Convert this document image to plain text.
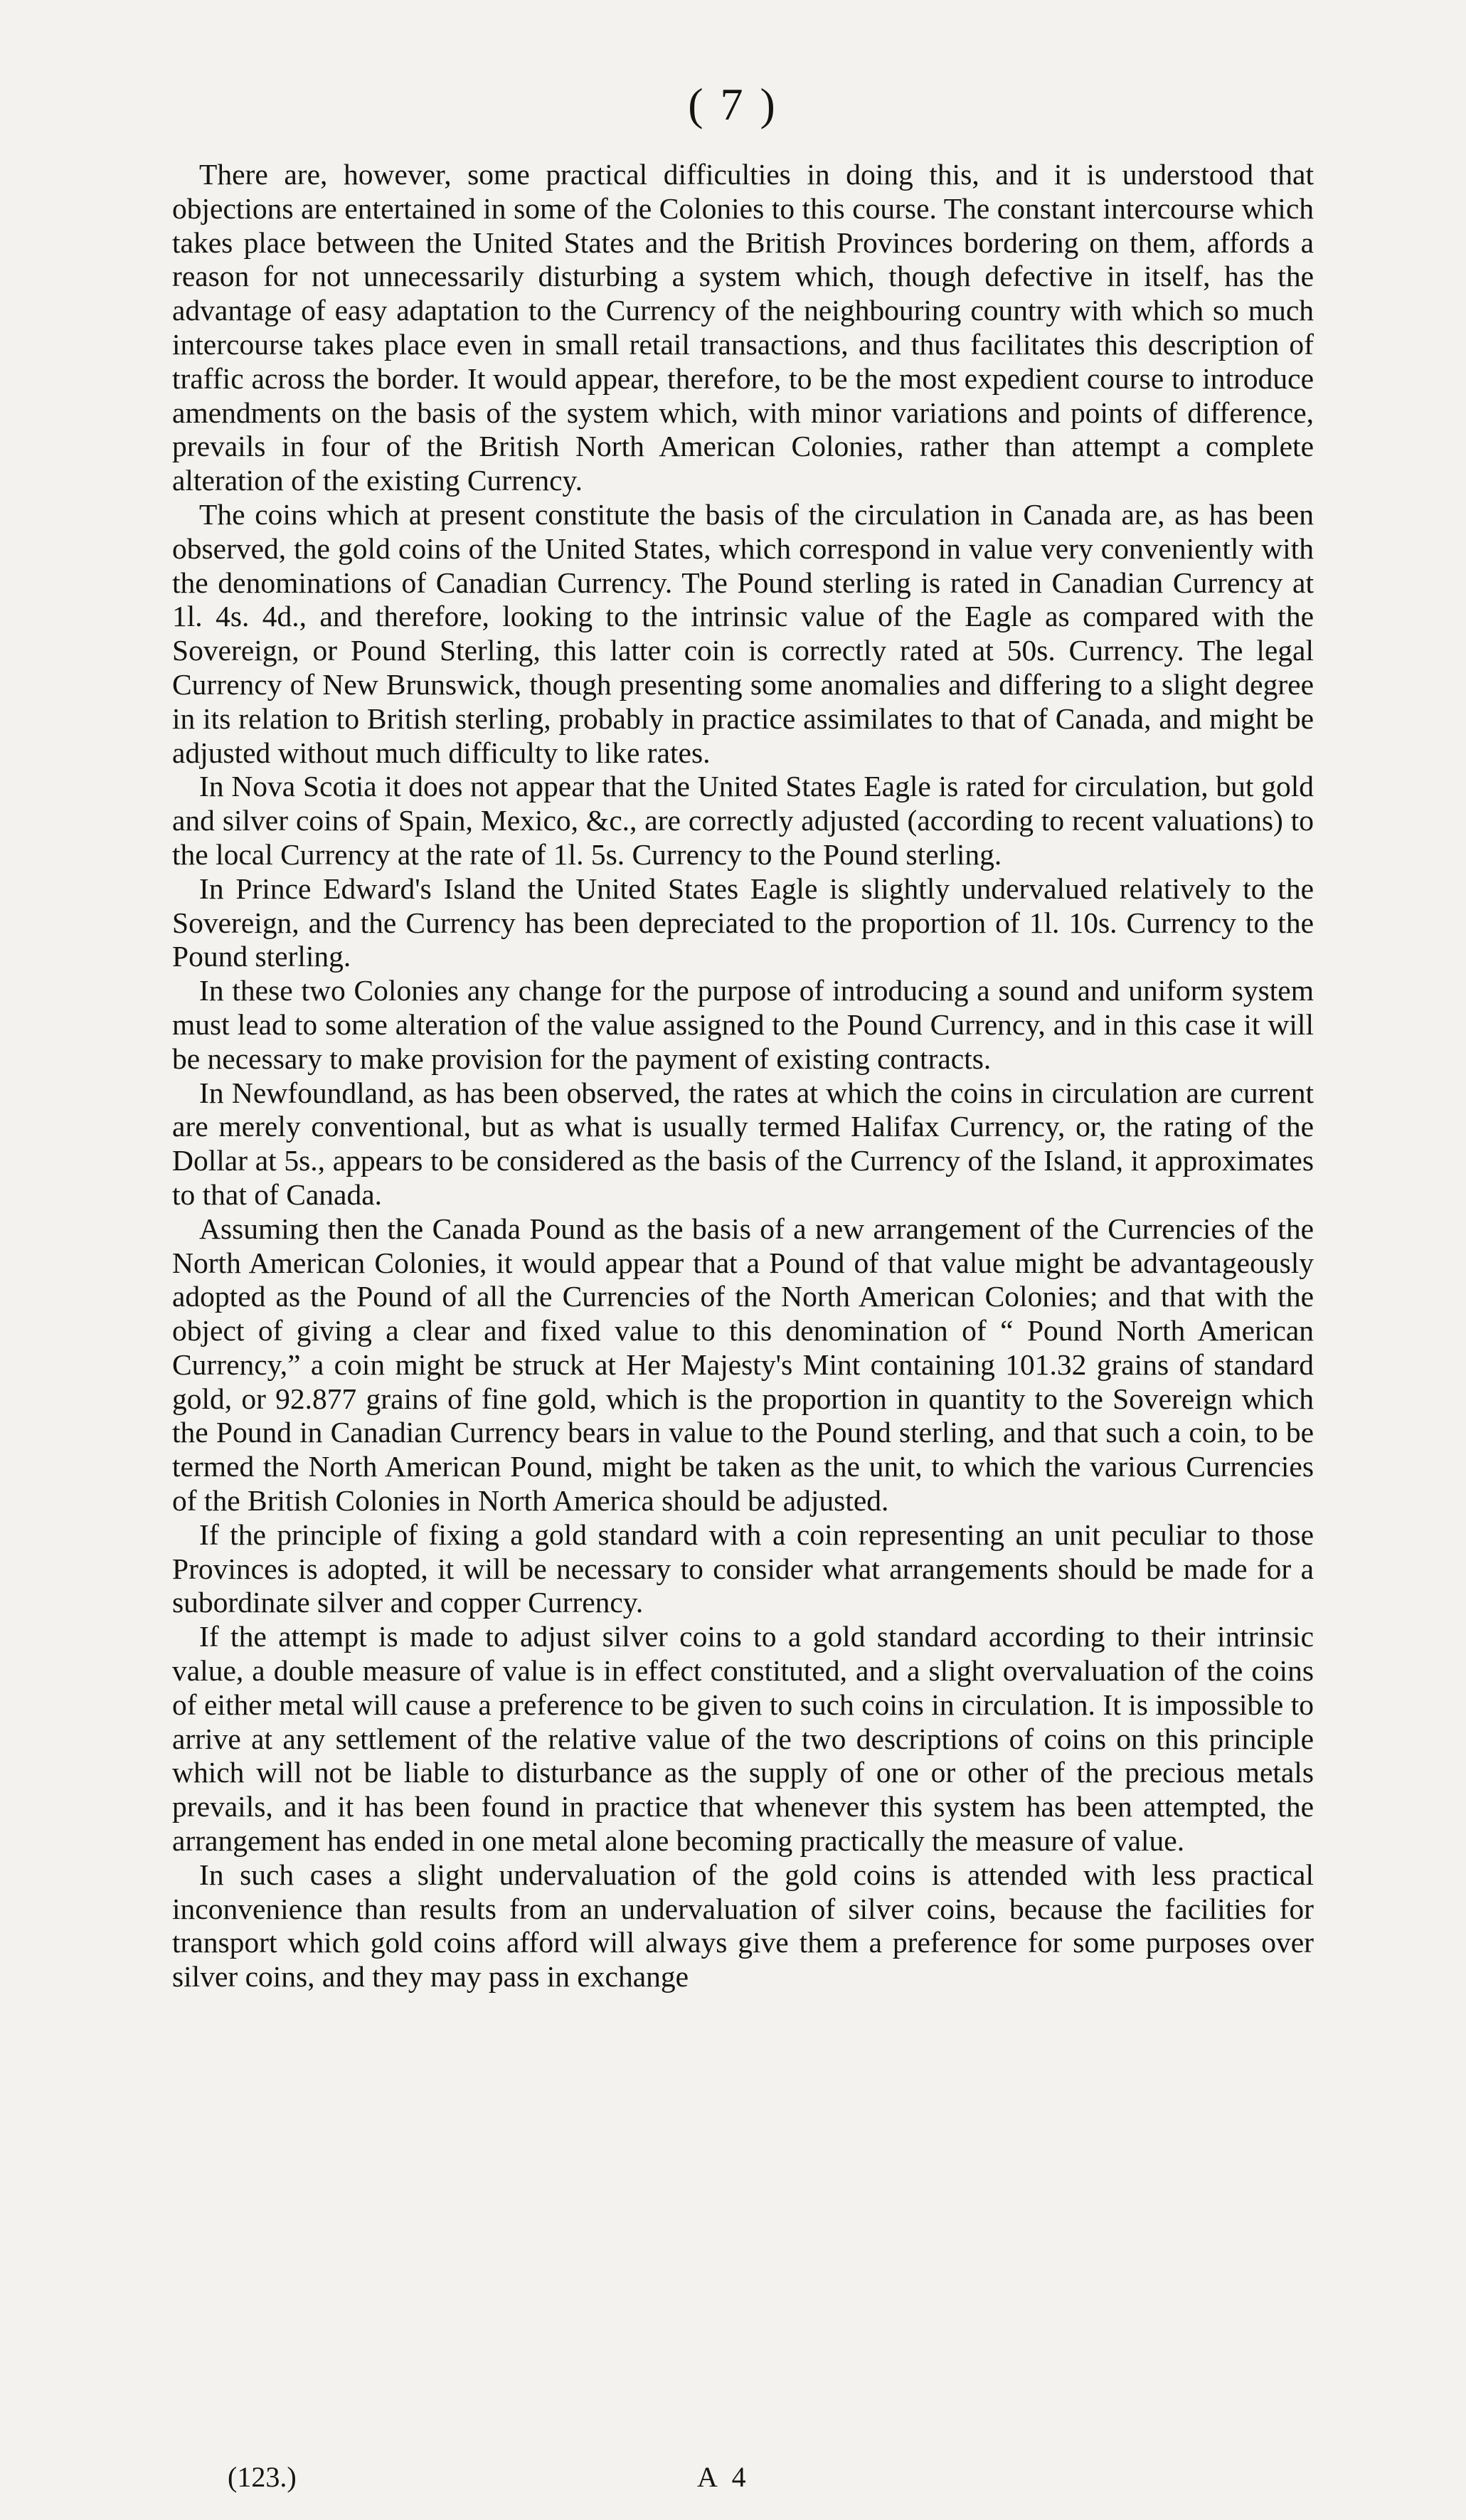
( 7 )

There are, however, some practical difficulties in doing this, and it is understood that objections are entertained in some of the Colonies to this course. The constant intercourse which takes place between the United States and the British Provinces bordering on them, affords a reason for not unnecessarily disturbing a system which, though defective in itself, has the advantage of easy adaptation to the Currency of the neighbouring country with which so much intercourse takes place even in small retail transactions, and thus facilitates this description of traffic across the border. It would appear, therefore, to be the most expedient course to introduce amendments on the basis of the system which, with minor variations and points of difference, prevails in four of the British North American Colonies, rather than attempt a complete alteration of the existing Currency.

The coins which at present constitute the basis of the circulation in Canada are, as has been observed, the gold coins of the United States, which correspond in value very conveniently with the denominations of Canadian Currency. The Pound sterling is rated in Canadian Currency at 1l. 4s. 4d., and therefore, looking to the intrinsic value of the Eagle as compared with the Sovereign, or Pound Sterling, this latter coin is correctly rated at 50s. Currency. The legal Currency of New Brunswick, though presenting some anomalies and differing to a slight degree in its relation to British sterling, probably in practice assimilates to that of Canada, and might be adjusted without much difficulty to like rates.

In Nova Scotia it does not appear that the United States Eagle is rated for circulation, but gold and silver coins of Spain, Mexico, &c., are correctly adjusted (according to recent valuations) to the local Currency at the rate of 1l. 5s. Currency to the Pound sterling.

In Prince Edward's Island the United States Eagle is slightly undervalued relatively to the Sovereign, and the Currency has been depreciated to the proportion of 1l. 10s. Currency to the Pound sterling.

In these two Colonies any change for the purpose of introducing a sound and uniform system must lead to some alteration of the value assigned to the Pound Currency, and in this case it will be necessary to make provision for the payment of existing contracts.

In Newfoundland, as has been observed, the rates at which the coins in circulation are current are merely conventional, but as what is usually termed Halifax Currency, or, the rating of the Dollar at 5s., appears to be considered as the basis of the Currency of the Island, it approximates to that of Canada.

Assuming then the Canada Pound as the basis of a new arrangement of the Currencies of the North American Colonies, it would appear that a Pound of that value might be advantageously adopted as the Pound of all the Currencies of the North American Colonies; and that with the object of giving a clear and fixed value to this denomination of “ Pound North American Currency,” a coin might be struck at Her Majesty's Mint containing 101.32 grains of standard gold, or 92.877 grains of fine gold, which is the proportion in quantity to the Sovereign which the Pound in Canadian Currency bears in value to the Pound sterling, and that such a coin, to be termed the North American Pound, might be taken as the unit, to which the various Currencies of the British Colonies in North America should be adjusted.

If the principle of fixing a gold standard with a coin representing an unit peculiar to those Provinces is adopted, it will be necessary to consider what arrangements should be made for a subordinate silver and copper Currency.

If the attempt is made to adjust silver coins to a gold standard according to their intrinsic value, a double measure of value is in effect constituted, and a slight overvaluation of the coins of either metal will cause a preference to be given to such coins in circulation. It is impossible to arrive at any settlement of the relative value of the two descriptions of coins on this principle which will not be liable to disturbance as the supply of one or other of the precious metals prevails, and it has been found in practice that whenever this system has been attempted, the arrangement has ended in one metal alone becoming practically the measure of value.

In such cases a slight undervaluation of the gold coins is attended with less practical inconvenience than results from an undervaluation of silver coins, because the facilities for transport which gold coins afford will always give them a preference for some purposes over silver coins, and they may pass in exchange

(123.)	A 4
